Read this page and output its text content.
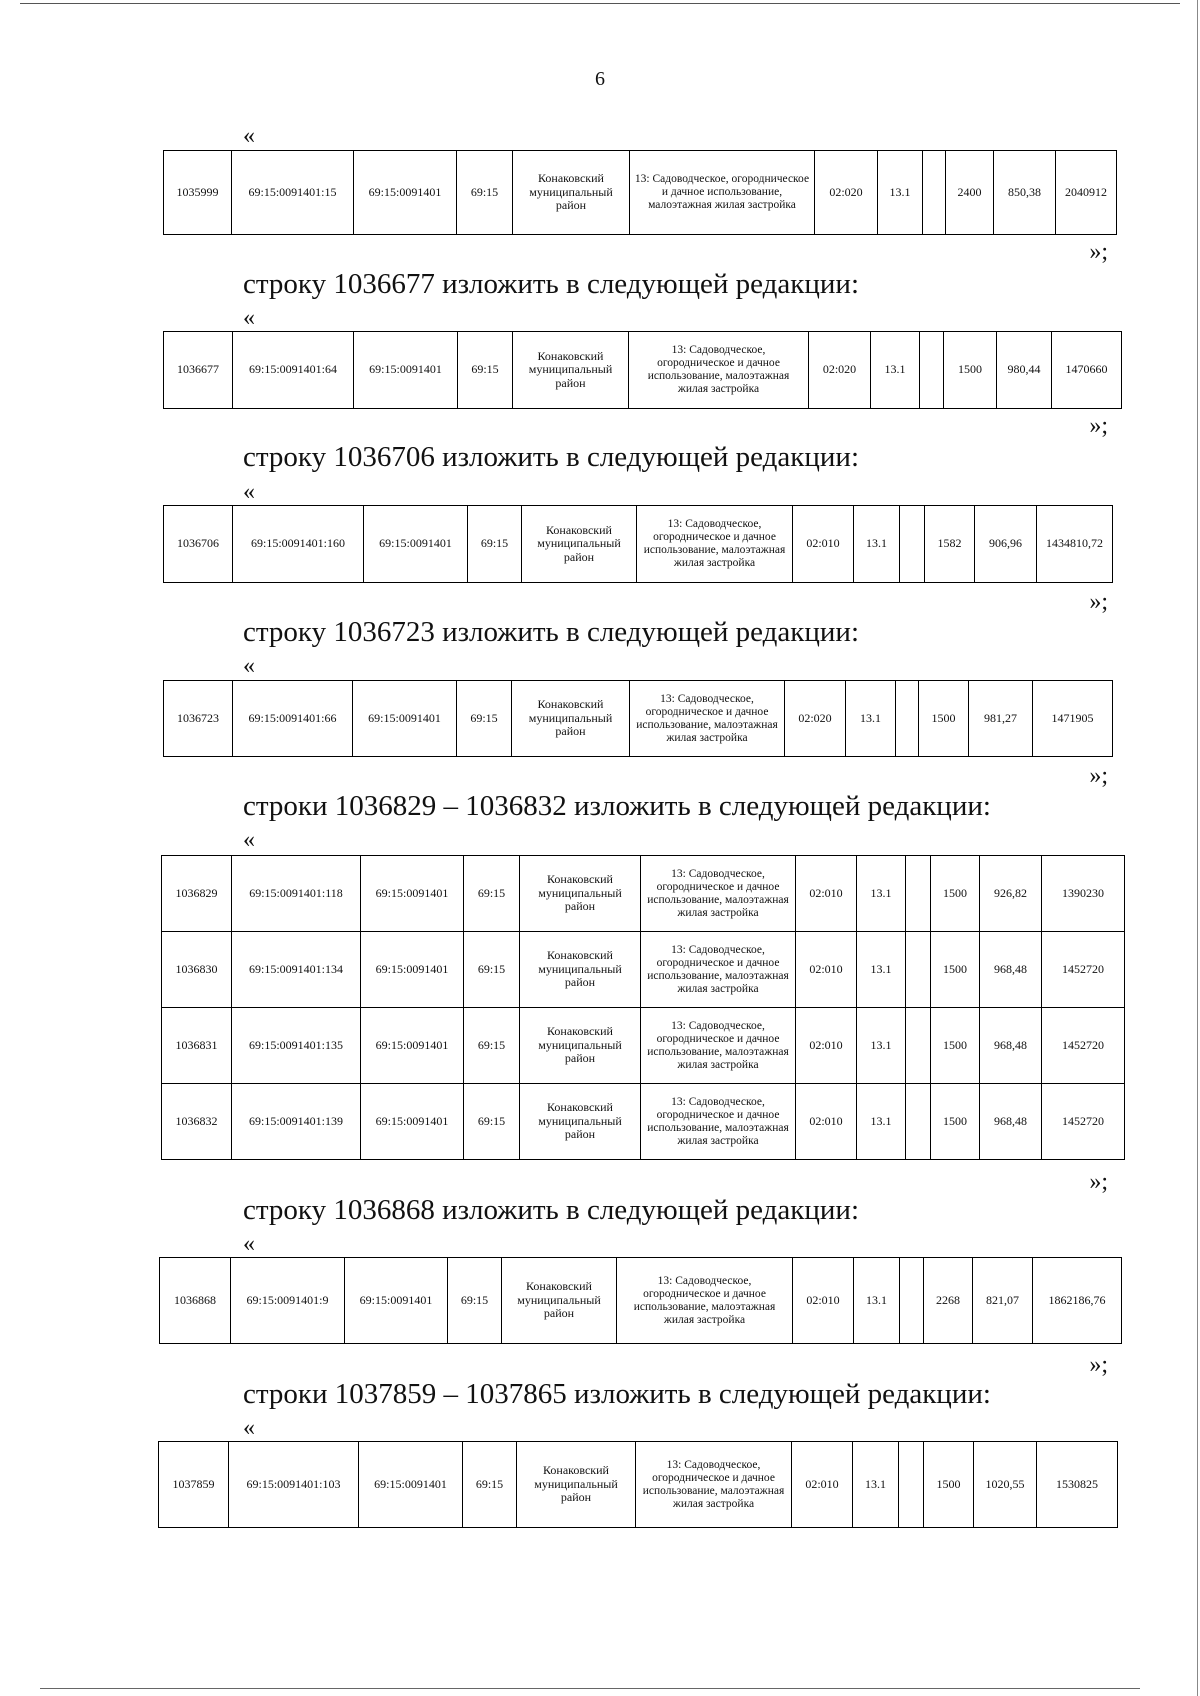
6
«
1035999	69:15:0091401:15	69:15:0091401	69:15	Конаковский муниципальный район	13: Садоводческое, огородническое и дачное использование, малоэтажная жилая застройка	02:020	13.1		2400	850,38	2040912
»;
строку 1036677 изложить в следующей редакции:
«
1036677	69:15:0091401:64	69:15:0091401	69:15	Конаковский муниципальный район	13: Садоводческое, огородническое и дачное использование, малоэтажная жилая застройка	02:020	13.1		1500	980,44	1470660
»;
строку 1036706 изложить в следующей редакции:
«
1036706	69:15:0091401:160	69:15:0091401	69:15	Конаковский муниципальный район	13: Садоводческое, огородническое и дачное использование, малоэтажная жилая застройка	02:010	13.1		1582	906,96	1434810,72
»;
строку 1036723 изложить в следующей редакции:
«
1036723	69:15:0091401:66	69:15:0091401	69:15	Конаковский муниципальный район	13: Садоводческое, огородническое и дачное использование, малоэтажная жилая застройка	02:020	13.1		1500	981,27	1471905
»;
строки 1036829 – 1036832 изложить в следующей редакции:
«
1036829	69:15:0091401:118	69:15:0091401	69:15	Конаковский муниципальный район	13: Садоводческое, огородническое и дачное использование, малоэтажная жилая застройка	02:010	13.1		1500	926,82	1390230
1036830	69:15:0091401:134	69:15:0091401	69:15	Конаковский муниципальный район	13: Садоводческое, огородническое и дачное использование, малоэтажная жилая застройка	02:010	13.1		1500	968,48	1452720
1036831	69:15:0091401:135	69:15:0091401	69:15	Конаковский муниципальный район	13: Садоводческое, огородническое и дачное использование, малоэтажная жилая застройка	02:010	13.1		1500	968,48	1452720
1036832	69:15:0091401:139	69:15:0091401	69:15	Конаковский муниципальный район	13: Садоводческое, огородническое и дачное использование, малоэтажная жилая застройка	02:010	13.1		1500	968,48	1452720
»;
строку 1036868 изложить в следующей редакции:
«
1036868	69:15:0091401:9	69:15:0091401	69:15	Конаковский муниципальный район	13: Садоводческое, огородническое и дачное использование, малоэтажная жилая застройка	02:010	13.1		2268	821,07	1862186,76
»;
строки 1037859 – 1037865 изложить в следующей редакции:
«
1037859	69:15:0091401:103	69:15:0091401	69:15	Конаковский муниципальный район	13: Садоводческое, огородническое и дачное использование, малоэтажная жилая застройка	02:010	13.1		1500	1020,55	1530825
